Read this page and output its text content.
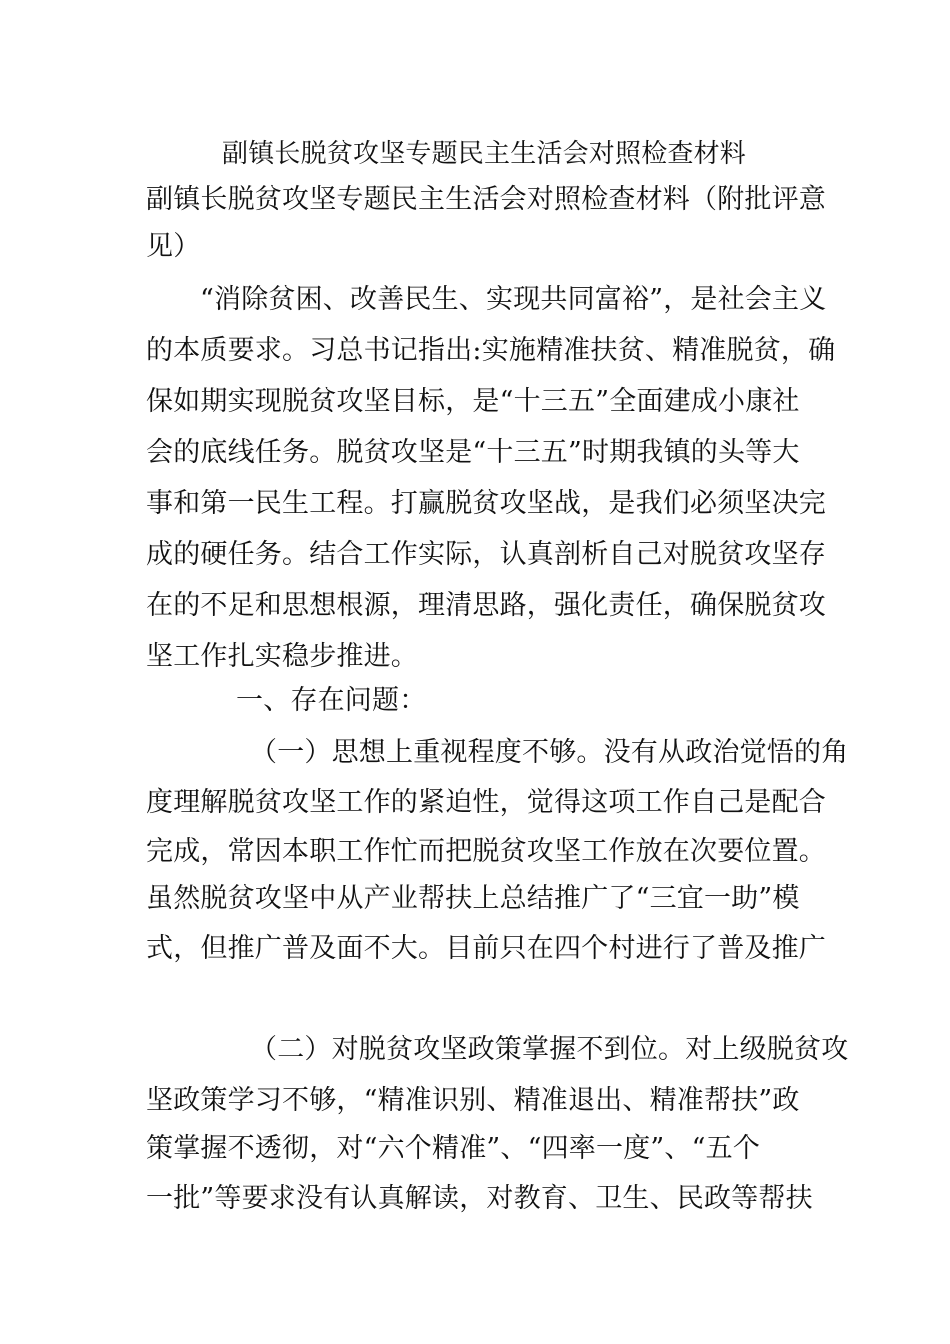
副镇长脱贫攻坚专题民主生活会对照检查材料
副镇长脱贫攻坚专题民主生活会对照检查材料（附批评意
见）
“消除贫困、改善民生、实现共同富裕”，是社会主义
的本质要求。习总书记指出:实施精准扶贫、精准脱贫，确
保如期实现脱贫攻坚目标，是“十三五”全面建成小康社
会的底线任务。脱贫攻坚是“十三五”时期我镇的头等大
事和第一民生工程。打赢脱贫攻坚战，是我们必须坚决完
成的硬任务。结合工作实际，认真剖析自己对脱贫攻坚存
在的不足和思想根源，理清思路，强化责任，确保脱贫攻
坚工作扎实稳步推进。
一、存在问题：
（一）思想上重视程度不够。没有从政治觉悟的角
度理解脱贫攻坚工作的紧迫性，觉得这项工作自己是配合
完成，常因本职工作忙而把脱贫攻坚工作放在次要位置。
虽然脱贫攻坚中从产业帮扶上总结推广了“三宜一助”模
式，但推广普及面不大。目前只在四个村进行了普及推广
（二）对脱贫攻坚政策掌握不到位。对上级脱贫攻
坚政策学习不够，“精准识别、精准退出、精准帮扶”政
策掌握不透彻，对“六个精准”、“四率一度”、“五个
一批”等要求没有认真解读，对教育、卫生、民政等帮扶
